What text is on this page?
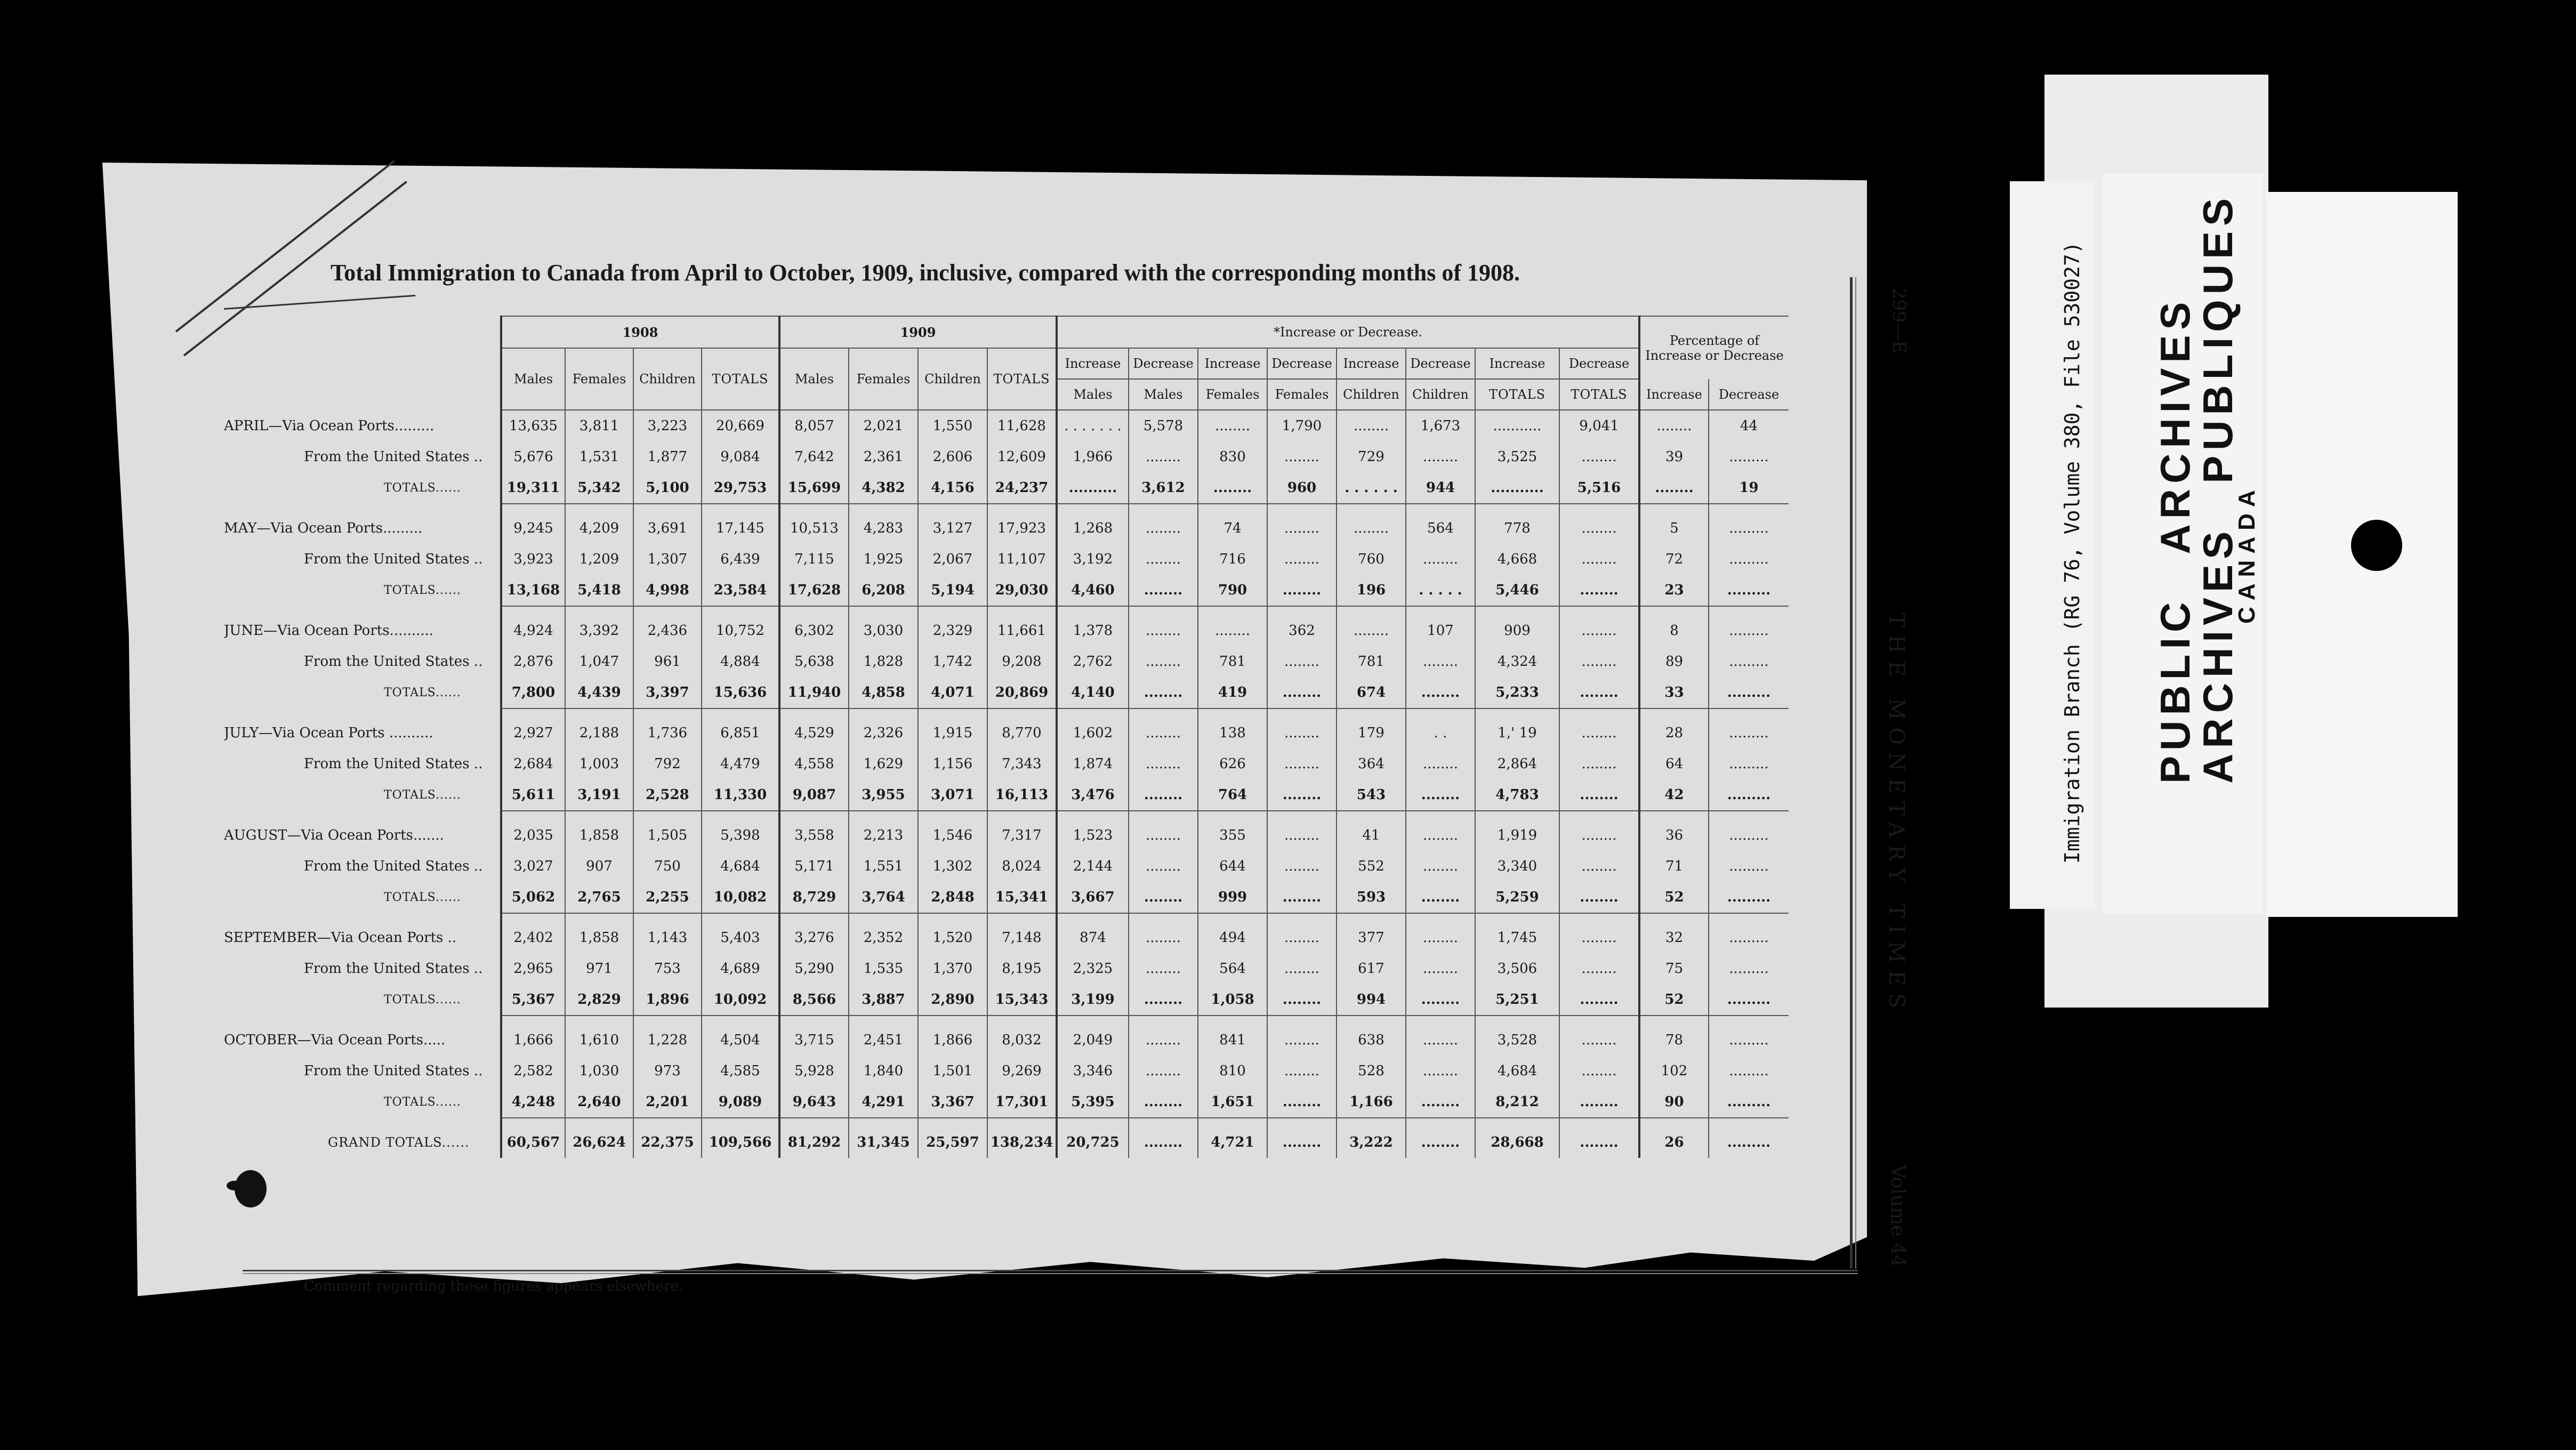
Total Immigration to Canada from April to October, 1909, inclusive, compared with the corresponding months of 1908.
	1908				1909				*Increase or Decrease.								Percentage of
Increase or Decrease	

	Males	Females	Children	TOTALS	Males	Females	Children	TOTALS	Increase	Decrease	Increase	Decrease	Increase	Decrease	Increase	Decrease		
									Males	Males	Females	Females	Children	Children	TOTALS	TOTALS	Increase	Decrease
APRIL—Via Ocean Ports.........	13,635	3,811	3,223	20,669	8,057	2,021	1,550	11,628	. . . . . . .	5,578	........	1,790	........	1,673	...........	9,041	........	44
From the United States ..	5,676	1,531	1,877	9,084	7,642	2,361	2,606	12,609	1,966	........	830	........	729	........	3,525	........	39	.........
TOTALS......	19,311	5,342	5,100	29,753	15,699	4,382	4,156	24,237	..........	3,612	........	960	. . . . . .	944	...........	5,516	........	19

MAY—Via Ocean Ports.........	9,245	4,209	3,691	17,145	10,513	4,283	3,127	17,923	1,268	........	74	........	........	564	778	........	5	.........
From the United States ..	3,923	1,209	1,307	6,439	7,115	1,925	2,067	11,107	3,192	........	716	........	760	........	4,668	........	72	.........
TOTALS......	13,168	5,418	4,998	23,584	17,628	6,208	5,194	29,030	4,460	........	790	........	196	. . . . .	5,446	........	23	.........

JUNE—Via Ocean Ports..........	4,924	3,392	2,436	10,752	6,302	3,030	2,329	11,661	1,378	........	........	362	........	107	909	........	8	.........
From the United States ..	2,876	1,047	961	4,884	5,638	1,828	1,742	9,208	2,762	........	781	........	781	........	4,324	........	89	.........
TOTALS......	7,800	4,439	3,397	15,636	11,940	4,858	4,071	20,869	4,140	........	419	........	674	........	5,233	........	33	.........

JULY—Via Ocean Ports ..........	2,927	2,188	1,736	6,851	4,529	2,326	1,915	8,770	1,602	........	138	........	179	. .	1,' 19	........	28	.........
From the United States ..	2,684	1,003	792	4,479	4,558	1,629	1,156	7,343	1,874	........	626	........	364	........	2,864	........	64	.........
TOTALS......	5,611	3,191	2,528	11,330	9,087	3,955	3,071	16,113	3,476	........	764	........	543	........	4,783	........	42	.........

AUGUST—Via Ocean Ports.......	2,035	1,858	1,505	5,398	3,558	2,213	1,546	7,317	1,523	........	355	........	41	........	1,919	........	36	.........
From the United States ..	3,027	907	750	4,684	5,171	1,551	1,302	8,024	2,144	........	644	........	552	........	3,340	........	71	.........
TOTALS......	5,062	2,765	2,255	10,082	8,729	3,764	2,848	15,341	3,667	........	999	........	593	........	5,259	........	52	.........

SEPTEMBER—Via Ocean Ports ..	2,402	1,858	1,143	5,403	3,276	2,352	1,520	7,148	874	........	494	........	377	........	1,745	........	32	.........
From the United States ..	2,965	971	753	4,689	5,290	1,535	1,370	8,195	2,325	........	564	........	617	........	3,506	........	75	.........
TOTALS......	5,367	2,829	1,896	10,092	8,566	3,887	2,890	15,343	3,199	........	1,058	........	994	........	5,251	........	52	.........

OCTOBER—Via Ocean Ports.....	1,666	1,610	1,228	4,504	3,715	2,451	1,866	8,032	2,049	........	841	........	638	........	3,528	........	78	.........
From the United States ..	2,582	1,030	973	4,585	5,928	1,840	1,501	9,269	3,346	........	810	........	528	........	4,684	........	102	.........
TOTALS......	4,248	2,640	2,201	9,089	9,643	4,291	3,367	17,301	5,395	........	1,651	........	1,166	........	8,212	........	90	.........

GRAND TOTALS......	60,567	26,624	22,375	109,566	81,292	31,345	25,597	138,234	20,725	........	4,721	........	3,222	........	28,668	........	26	.........
Comment regarding these figures appears elsewhere.
299—E
THE MONETARY TIMES
Volume 44
Immigration Branch (RG 76, Volume 380, File 530027) PUBLICARCHIVES
ARCHIVESPUBLIQUES
CANADA
